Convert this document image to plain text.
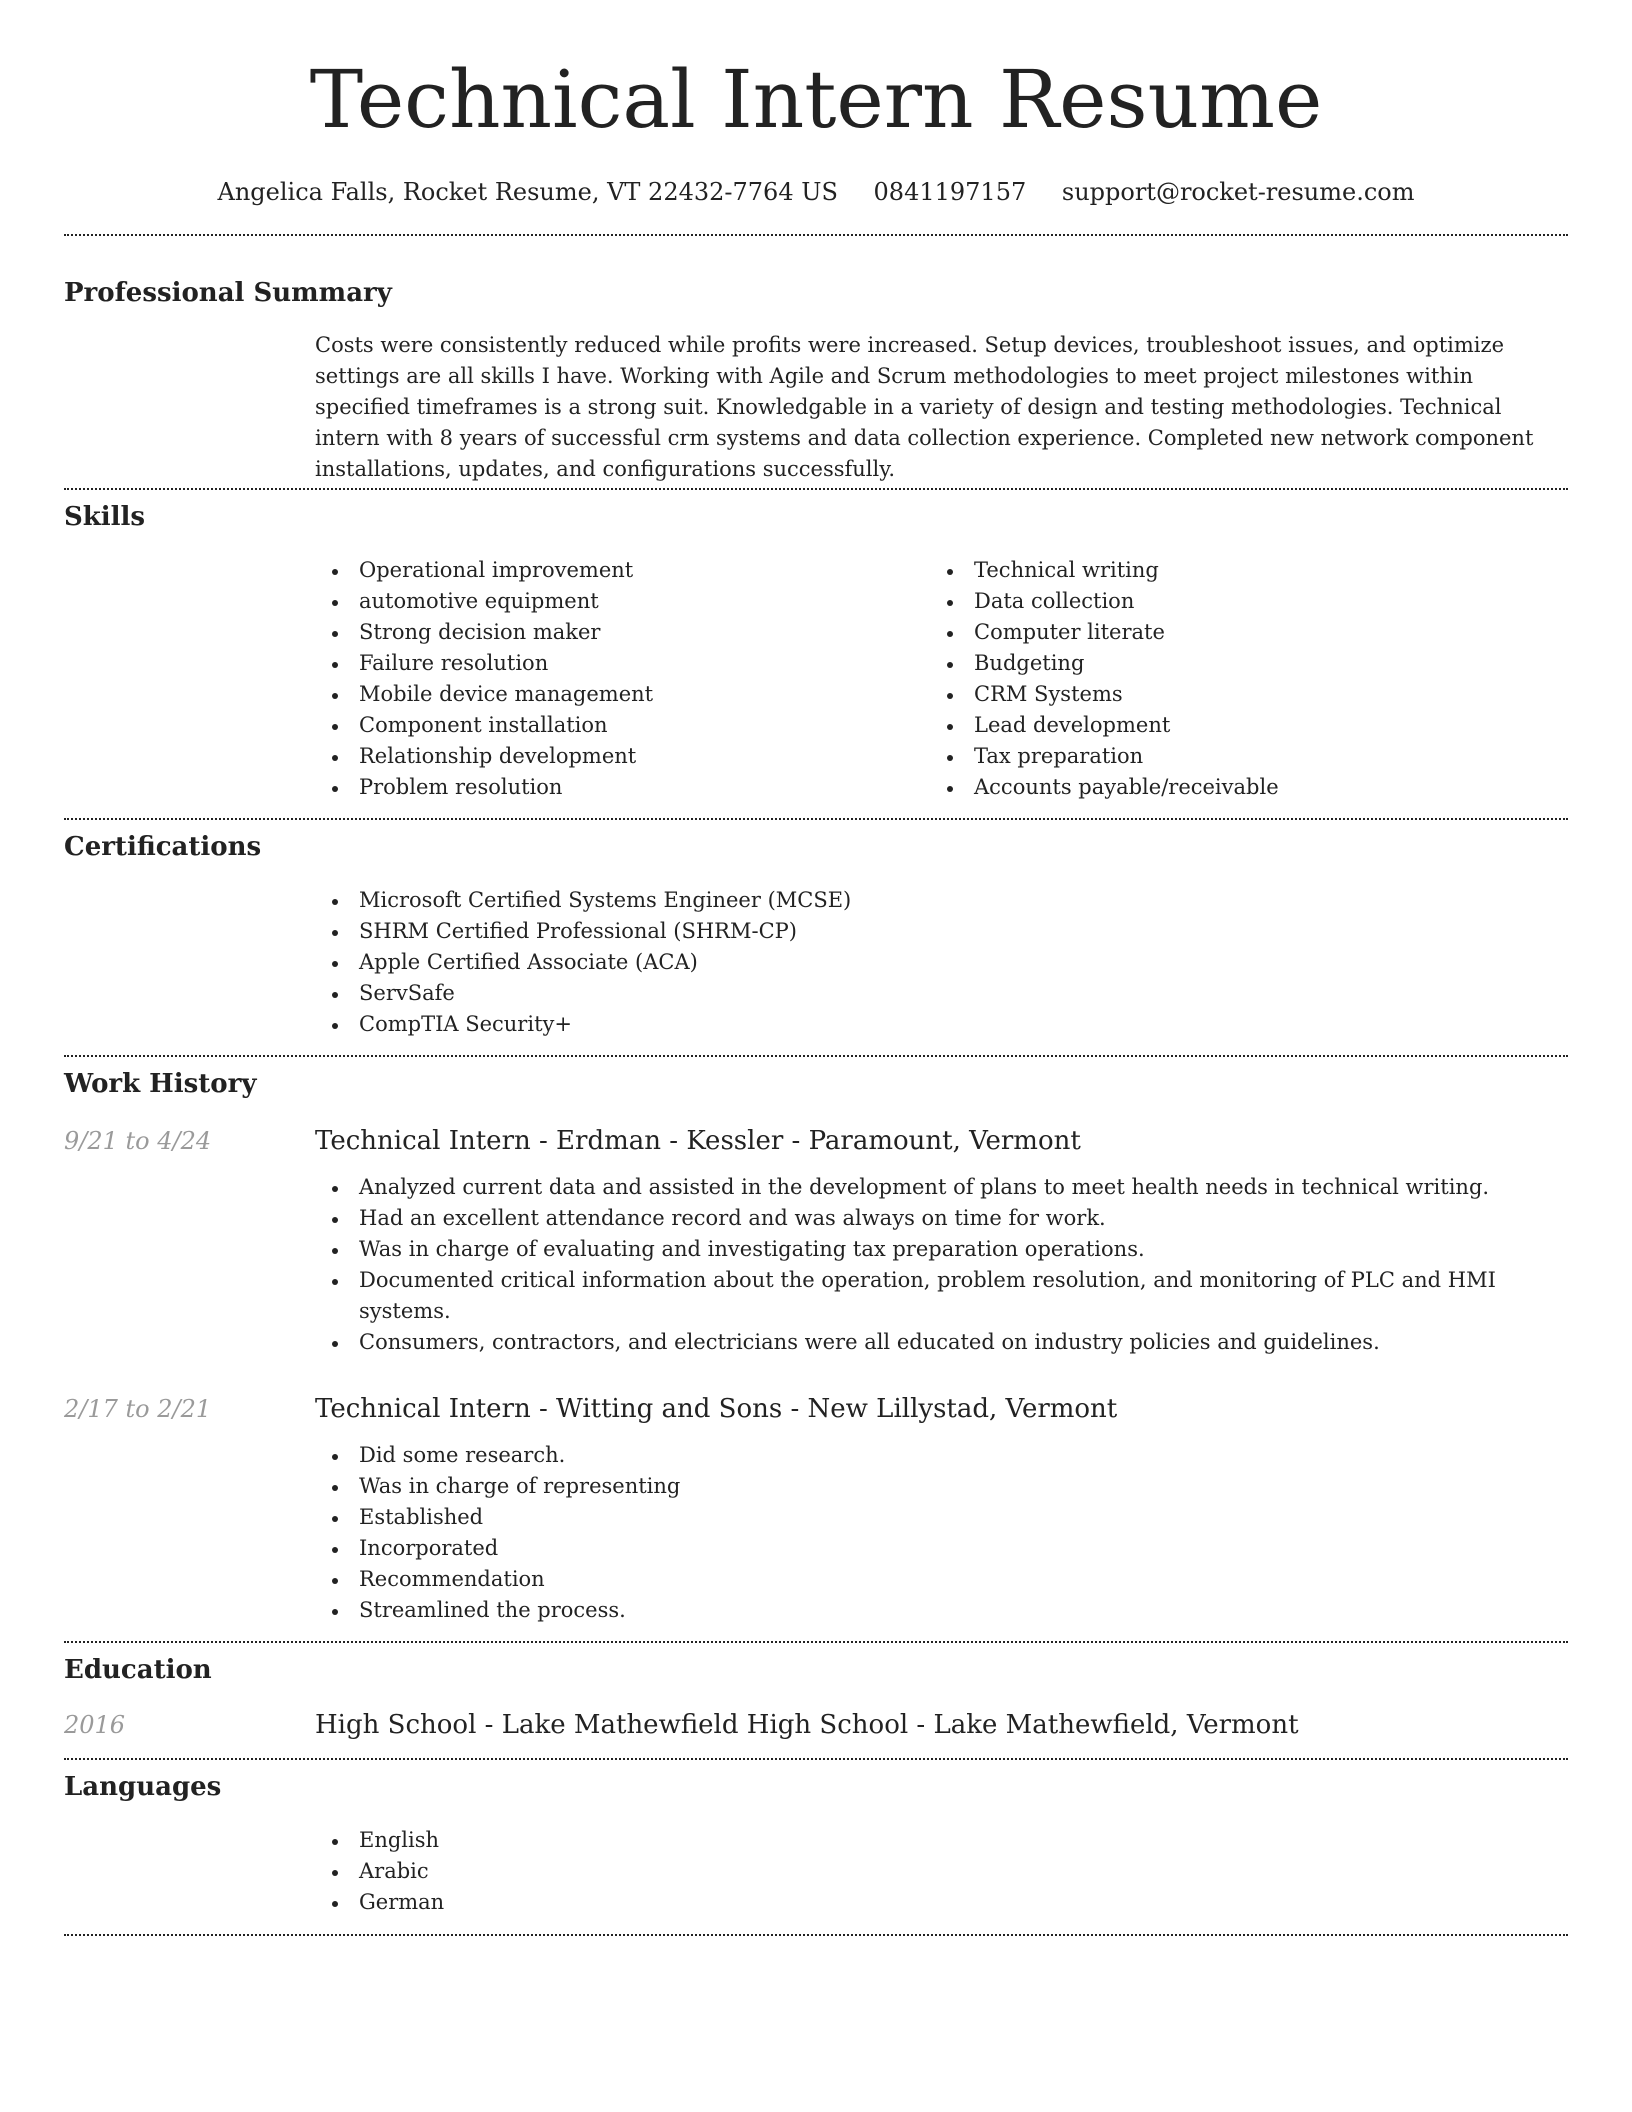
Technical Intern Resume
Angelica Falls, Rocket Resume, VT 22432-7764 US 0841197157 support@rocket-resume.com
Professional Summary

Costs were consistently reduced while profits were increased. Setup devices, troubleshoot issues, and optimize settings are all skills I have. Working with Agile and Scrum methodologies to meet project milestones within specified timeframes is a strong suit. Knowledgable in a variety of design and testing methodologies. Technical intern with 8 years of successful crm systems and data collection experience. Completed new network component installations, updates, and configurations successfully.

Skills
Operational improvement
automotive equipment
Strong decision maker
Failure resolution
Mobile device management
Component installation
Relationship development
Problem resolution
Technical writing
Data collection
Computer literate
Budgeting
CRM Systems
Lead development
Tax preparation
Accounts payable/receivable
Certifications
Microsoft Certified Systems Engineer (MCSE)
SHRM Certified Professional (SHRM-CP)
Apple Certified Associate (ACA)
ServSafe
CompTIA Security+
Work History
9/21 to 4/24	Technical Intern - Erdman - Kessler - Paramount, Vermont
Analyzed current data and assisted in the development of plans to meet health needs in technical writing.
Had an excellent attendance record and was always on time for work.
Was in charge of evaluating and investigating tax preparation operations.
Documented critical information about the operation, problem resolution, and monitoring of PLC and HMI systems.
Consumers, contractors, and electricians were all educated on industry policies and guidelines.
2/17 to 2/21	Technical Intern - Witting and Sons - New Lillystad, Vermont
Did some research.
Was in charge of representing
Established
Incorporated
Recommendation
Streamlined the process.
Education
2016	High School - Lake Mathewfield High School - Lake Mathewfield, Vermont
Languages
English
Arabic
German
